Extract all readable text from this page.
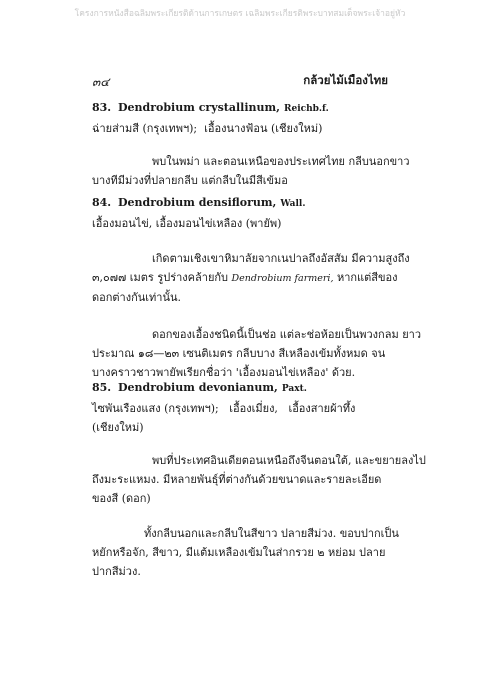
โครงการหนังสือฉลิมพระเกียรติด้านการเกษตร เฉลิมพระเกียรติพระบาทสมเด็จพระเจ้าอยู่หัว
๓๔	กล้วยไม้เมืองไทย
83. Dendrobium crystallinum, Reichb.f.
ฉ่ายส่ามสี (กรุงเทพฯ); เอื้องนางฟ้อน (เชียงใหม่)
พบในพม่า และตอนเหนือของประเทศไทย กลีบนอกขาว
บางทีมีม่วงที่ปลายกลีบ แต่กลีบในมีสีเข้มอ
84. Dendrobium densiflorum, Wall.
เอื้องมอนไข่, เอื้องมอนไข่เหลือง (พายัพ)
เกิดตามเชิงเขาหิมาลัยจากเนปาลถึงอัสสัม มีความสูงถึง
๓,๐๗๗ เมตร รูปร่างคล้ายกับ Dendrobium farmeri, หากแต่สีของ
ดอกต่างกันเท่านั้น.
ดอกของเอื้องชนิดนี้เป็นช่อ แต่ละช่อห้อยเป็นพวงกลม ยาว
ประมาณ ๑๘—๒๓ เซนติเมตร กลีบบาง สีเหลืองเข้มทั้งหมด จน
บางคราวชาวพายัพเรียกชื่อว่า 'เอื้องมอนไข่เหลือง' ด้วย.
85. Dendrobium devonianum, Paxt.
ไซพันเรืองแสง (กรุงเทพฯ); เอื้องเมี่ยง, เอื้องสายผ้าทึ้ง
(เชียงใหม่)
พบที่ประเทศอินเดียตอนเหนือถึงจีนตอนใต้, และขยายลงไป
ถึงมะระแหมง. มีหลายพันธุ์ที่ต่างกันด้วยขนาดและรายละเอียด
ของสี (ดอก)
ทั้งกลีบนอกและกลีบในสีขาว ปลายสีม่วง. ขอบปากเป็น
หยักหรือจัก, สีขาว, มีแต้มเหลืองเข้มในส่ากรวย ๒ หย่อม ปลาย
ปากสีม่วง.
